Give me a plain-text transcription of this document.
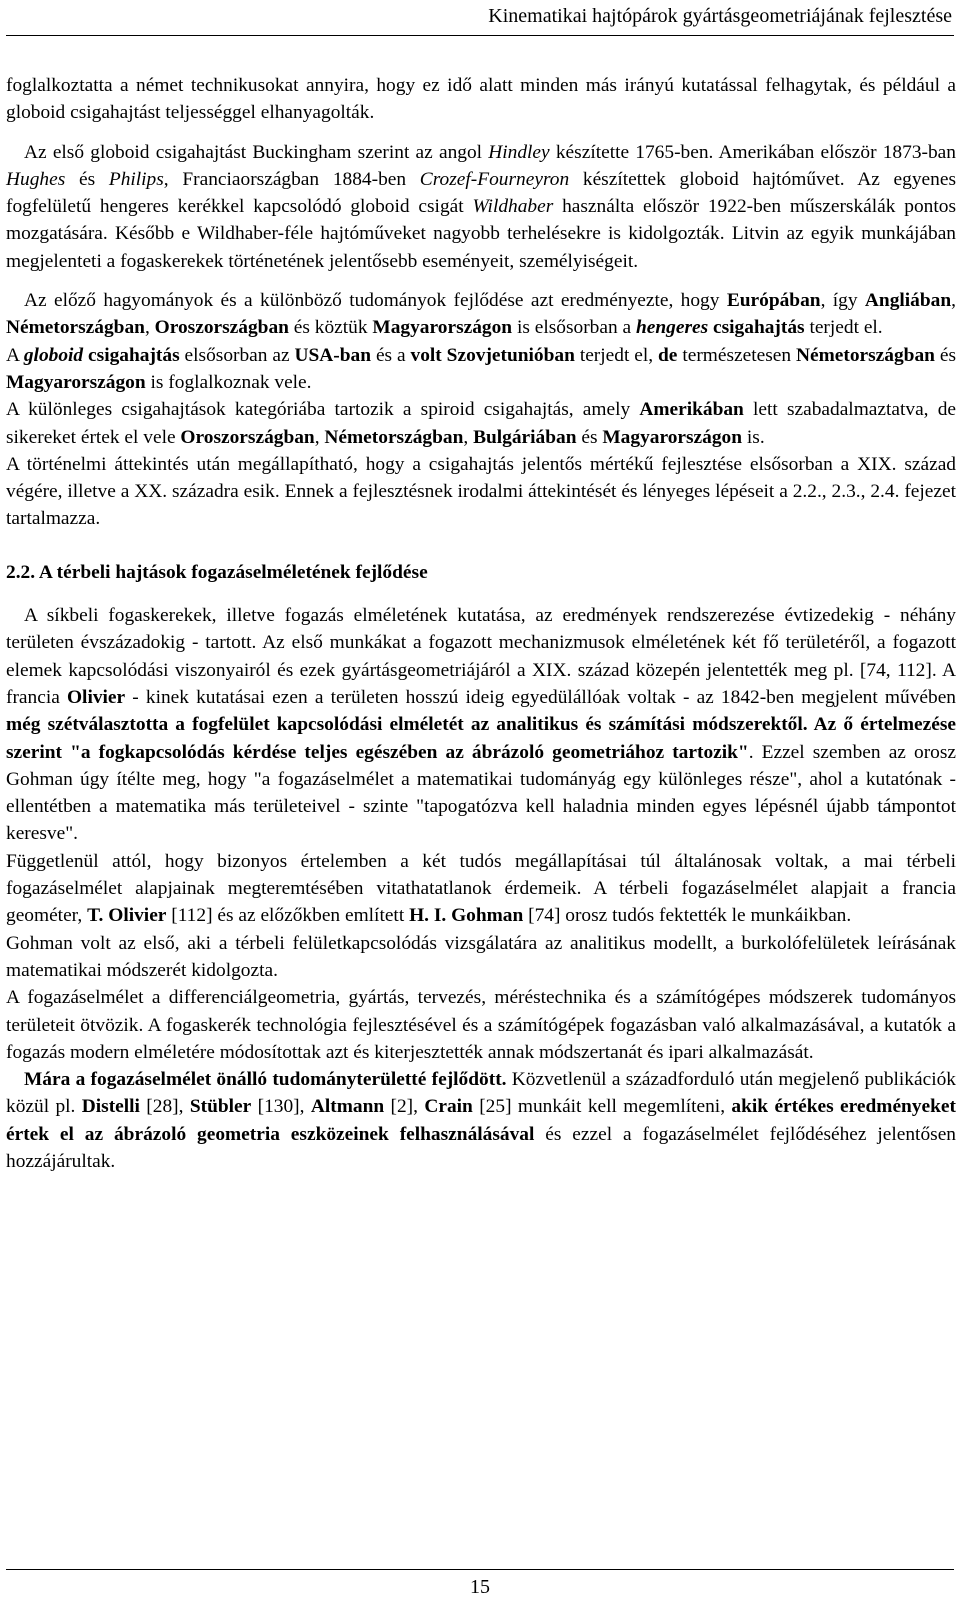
Kinematikai hajtópárok gyártásgeometriájának fejlesztése

foglalkoztatta a német technikusokat annyira, hogy ez idő alatt minden más irányú kutatással felhagytak, és például a globoid csigahajtást teljességgel elhanyagolták.

Az első globoid csigahajtást Buckingham szerint az angol Hindley készítette 1765-ben. Amerikában először 1873-ban Hughes és Philips, Franciaországban 1884-ben Crozef-Fourneyron készítettek globoid hajtóművet. Az egyenes fogfelületű hengeres kerékkel kapcsolódó globoid csigát Wildhaber használta először 1922-ben műszerskálák pontos mozgatására. Később e Wildhaber-féle hajtóműveket nagyobb terhelésekre is kidolgozták. Litvin az egyik munkájában megjelenteti a fogaskerekek történetének jelentősebb eseményeit, személyiségeit.

Az előző hagyományok és a különböző tudományok fejlődése azt eredményezte, hogy Európában, így Angliában, Németországban, Oroszországban és köztük Magyarországon is elsősorban a hengeres csigahajtás terjedt el.

A globoid csigahajtás elsősorban az USA-ban és a volt Szovjetunióban terjedt el, de természetesen Németországban és Magyarországon is foglalkoznak vele.

A különleges csigahajtások kategóriába tartozik a spiroid csigahajtás, amely Amerikában lett szabadalmaztatva, de sikereket értek el vele Oroszországban, Németországban, Bulgáriában és Magyarországon is.

A történelmi áttekintés után megállapítható, hogy a csigahajtás jelentős mértékű fejlesztése elsősorban a XIX. század végére, illetve a XX. századra esik. Ennek a fejlesztésnek irodalmi áttekintését és lényeges lépéseit a 2.2., 2.3., 2.4. fejezet tartalmazza.

2.2. A térbeli hajtások fogazáselméletének fejlődése

A síkbeli fogaskerekek, illetve fogazás elméletének kutatása, az eredmények rendszerezése évtizedekig - néhány területen évszázadokig - tartott. Az első munkákat a fogazott mechanizmusok elméletének két fő területéről, a fogazott elemek kapcsolódási viszonyairól és ezek gyártásgeometriájáról a XIX. század közepén jelentették meg pl. [74, 112]. A francia Olivier - kinek kutatásai ezen a területen hosszú ideig egyedülállóak voltak - az 1842-ben megjelent művében még szétválasztotta a fogfelület kapcsolódási elméletét az analitikus és számítási módszerektől. Az ő értelmezése szerint "a fogkapcsolódás kérdése teljes egészében az ábrázoló geometriához tartozik". Ezzel szemben az orosz Gohman úgy ítélte meg, hogy "a fogazáselmélet a matematikai tudományág egy különleges része", ahol a kutatónak - ellentétben a matematika más területeivel - szinte "tapogatózva kell haladnia minden egyes lépésnél újabb támpontot keresve".

Függetlenül attól, hogy bizonyos értelemben a két tudós megállapításai túl általánosak voltak, a mai térbeli fogazáselmélet alapjainak megteremtésében vitathatatlanok érdemeik. A térbeli fogazáselmélet alapjait a francia geométer, T. Olivier [112] és az előzőkben említett H. I. Gohman [74] orosz tudós fektették le munkáikban.

Gohman volt az első, aki a térbeli felületkapcsolódás vizsgálatára az analitikus modellt, a burkolófelületek leírásának matematikai módszerét kidolgozta.

A fogazáselmélet a differenciálgeometria, gyártás, tervezés, méréstechnika és a számítógépes módszerek tudományos területeit ötvözik. A fogaskerék technológia fejlesztésével és a számítógépek fogazásban való alkalmazásával, a kutatók a fogazás modern elméletére módosítottak azt és kiterjesztették annak módszertanát és ipari alkalmazását.

Mára a fogazáselmélet önálló tudományterületté fejlődött. Közvetlenül a századforduló után megjelenő publikációk közül pl. Distelli [28], Stübler [130], Altmann [2], Crain [25] munkáit kell megemlíteni, akik értékes eredményeket értek el az ábrázoló geometria eszközeinek felhasználásával és ezzel a fogazáselmélet fejlődéséhez jelentősen hozzájárultak.

15
